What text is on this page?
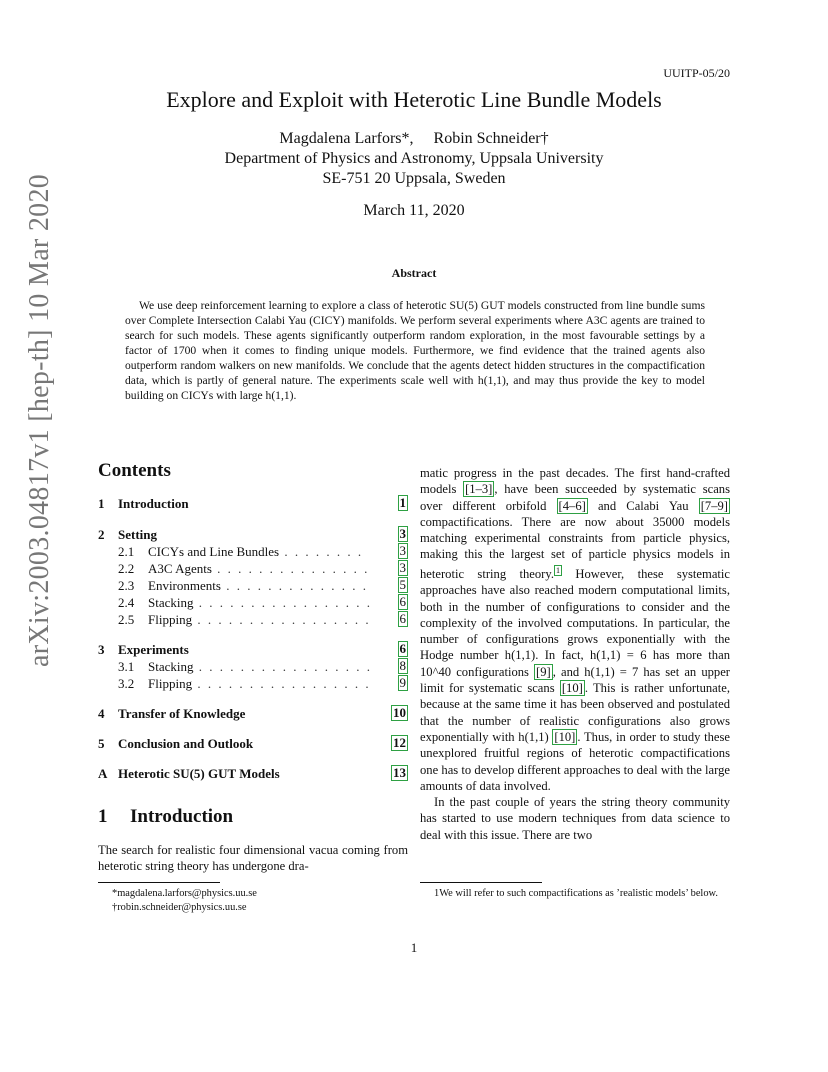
arXiv:2003.04817v1 [hep-th] 10 Mar 2020
UUITP-05/20
Explore and Exploit with Heterotic Line Bundle Models
Magdalena Larfors*,     Robin Schneider†
Department of Physics and Astronomy, Uppsala University
SE-751 20 Uppsala, Sweden
March 11, 2020
Abstract
We use deep reinforcement learning to explore a class of heterotic SU(5) GUT models constructed from line bundle sums over Complete Intersection Calabi Yau (CICY) manifolds. We perform several experiments where A3C agents are trained to search for such models. These agents significantly outperform random exploration, in the most favourable settings by a factor of 1700 when it comes to finding unique models. Furthermore, we find evidence that the trained agents also outperform random walkers on new manifolds. We conclude that the agents detect hidden structures in the compactification data, which is partly of general nature. The experiments scale well with h(1,1), and may thus provide the key to model building on CICYs with large h(1,1).
Contents
1 Introduction	1
2 Setting	3
2.1 CICYs and Line Bundles . . . . . . . .	3
2.2 A3C Agents . . . . . . . . . . . . . . . 3
2.3 Environments . . . . . . . . . . . . . . 5
2.4 Stacking . . . . . . . . . . . . . . . . . 6
2.5 Flipping . . . . . . . . . . . . . . . . . 6
3 Experiments	6
3.1 Stacking . . . . . . . . . . . . . . . . . 8
3.2 Flipping . . . . . . . . . . . . . . . . . 9
4 Transfer of Knowledge	10
5 Conclusion and Outlook	12
A Heterotic SU(5) GUT Models	13
1 Introduction
The search for realistic four dimensional vacua coming from heterotic string theory has undergone dra-

matic progress in the past decades. The first hand-crafted models [1–3] , have been succeeded by systematic scans over different orbifold [4–6] and Calabi Yau [7–9] compactifications. There are now about 35000 models matching experimental constraints from particle physics, making this the largest set of particle physics models in heterotic string theory. $^1$ However, these systematic approaches have also reached modern computational limits, both in the number of configurations to consider and the complexity of the involved computations. In particular, the number of configurations grows exponentially with the Hodge number h(1,1). In fact, h(1,1) = 6 has more than 10^40 configurations [9] , and h(1,1) = 7 has set an upper limit for systematic scans [10] . This is rather unfortunate, because at the same time it has been observed and postulated that the number of realistic configurations also grows exponentially with h(1,1) [10] . Thus, in order to study these unexplored fruitful regions of heterotic compactifications one has to develop different approaches to deal with the large amounts of data involved.

In the past couple of years the string theory community has started to use modern techniques from data science to deal with this issue. There are two

*magdalena.larfors@physics.uu.se
†robin.schneider@physics.uu.se
1We will refer to such compactifications as ’realistic models’ below.
1
